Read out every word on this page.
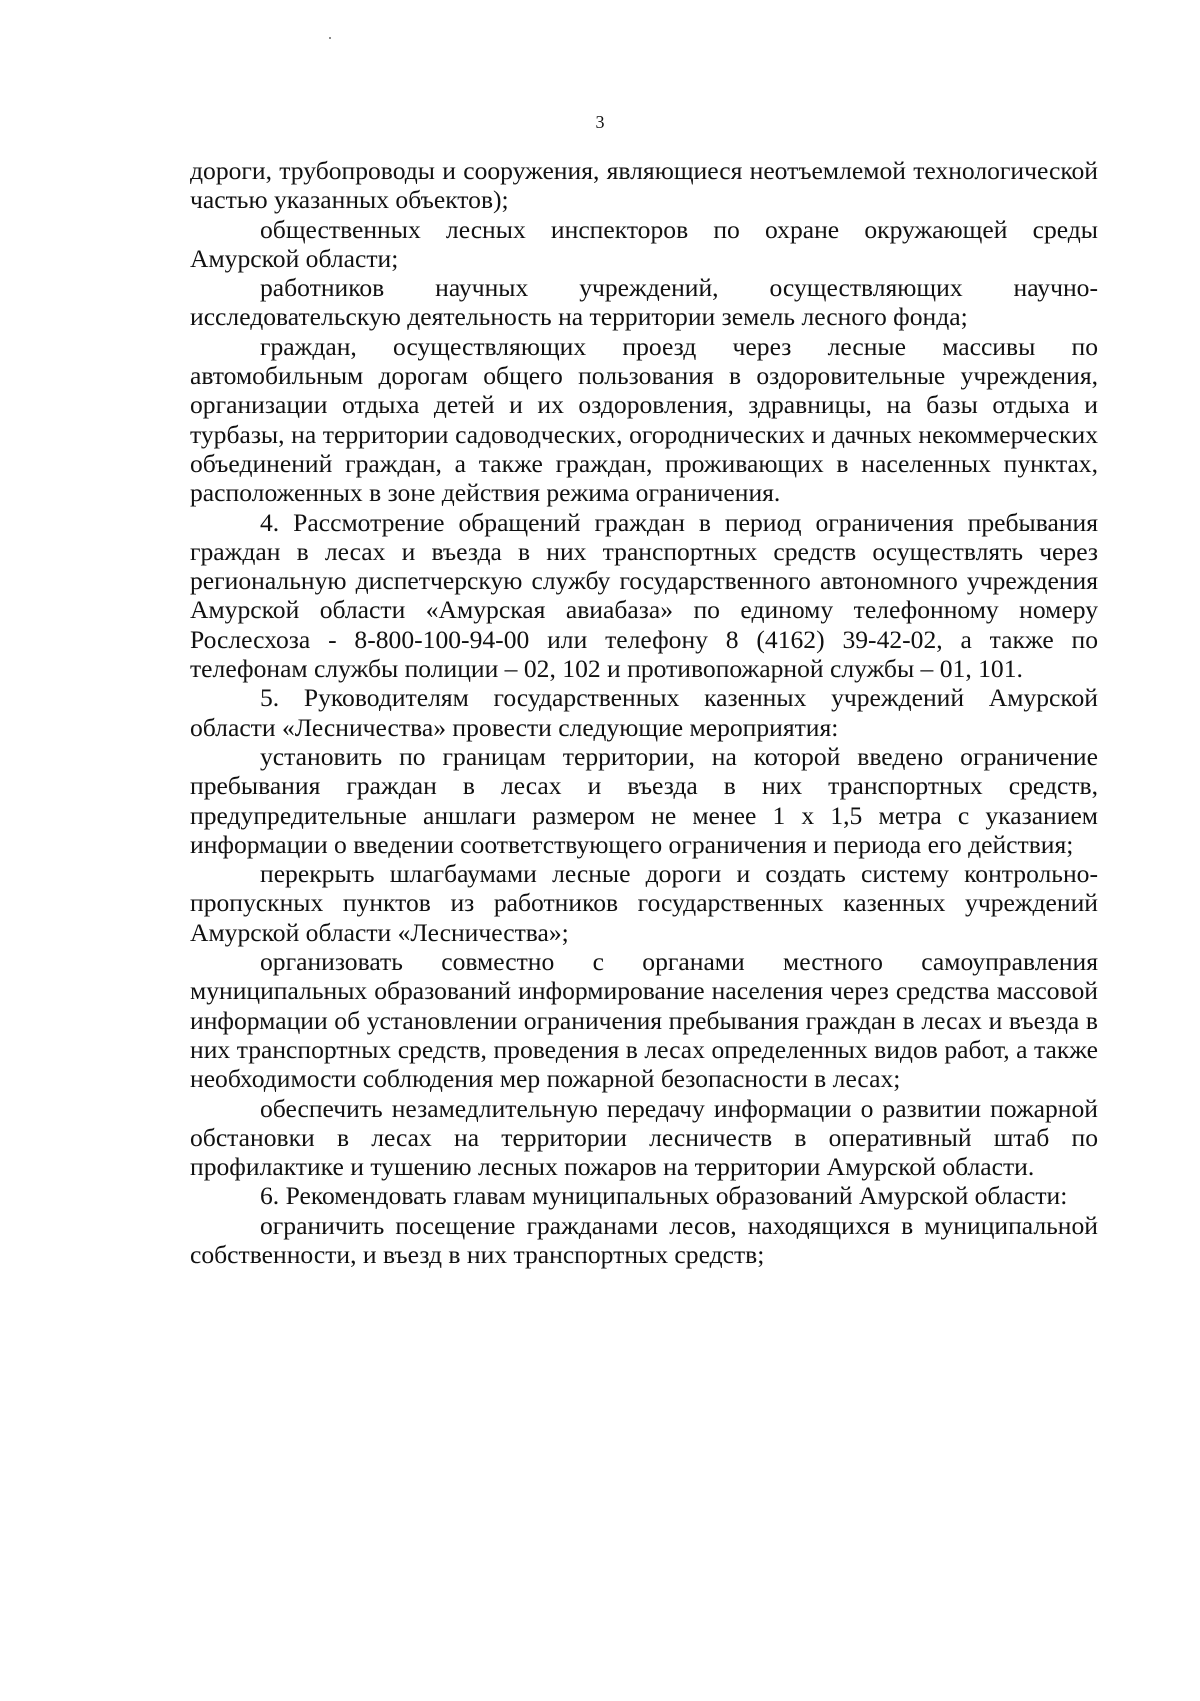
3

дороги, трубопроводы и сооружения, являющиеся неотъемлемой технологической частью указанных объектов);

общественных лесных инспекторов по охране окружающей среды Амурской области;

работников научных учреждений, осуществляющих научно-исследовательскую деятельность на территории земель лесного фонда;

граждан, осуществляющих проезд через лесные массивы по автомобильным дорогам общего пользования в оздоровительные учреждения, организации отдыха детей и их оздоровления, здравницы, на базы отдыха и турбазы, на территории садоводческих, огороднических и дачных некоммерческих объединений граждан, а также граждан, проживающих в населенных пунктах, расположенных в зоне действия режима ограничения.

4. Рассмотрение обращений граждан в период ограничения пребывания граждан в лесах и въезда в них транспортных средств осуществлять через региональную диспетчерскую службу государственного автономного учреждения Амурской области «Амурская авиабаза» по единому телефонному номеру Рослесхоза - 8-800-100-94-00 или телефону 8 (4162) 39-42-02, а также по телефонам службы полиции – 02, 102 и противопожарной службы – 01, 101.

5. Руководителям государственных казенных учреждений Амурской области «Лесничества» провести следующие мероприятия:

установить по границам территории, на которой введено ограничение пребывания граждан в лесах и въезда в них транспортных средств, предупредительные аншлаги размером не менее 1 х 1,5 метра с указанием информации о введении соответствующего ограничения и периода его действия;

перекрыть шлагбаумами лесные дороги и создать систему контрольно-пропускных пунктов из работников государственных казенных учреждений Амурской области «Лесничества»;

организовать совместно с органами местного самоуправления муниципальных образований информирование населения через средства массовой информации об установлении ограничения пребывания граждан в лесах и въезда в них транспортных средств, проведения в лесах определенных видов работ, а также необходимости соблюдения мер пожарной безопасности в лесах;

обеспечить незамедлительную передачу информации о развитии пожарной обстановки в лесах на территории лесничеств в оперативный штаб по профилактике и тушению лесных пожаров на территории Амурской области.

6. Рекомендовать главам муниципальных образований Амурской области:

ограничить посещение гражданами лесов, находящихся в муниципальной собственности, и въезд в них транспортных средств;
